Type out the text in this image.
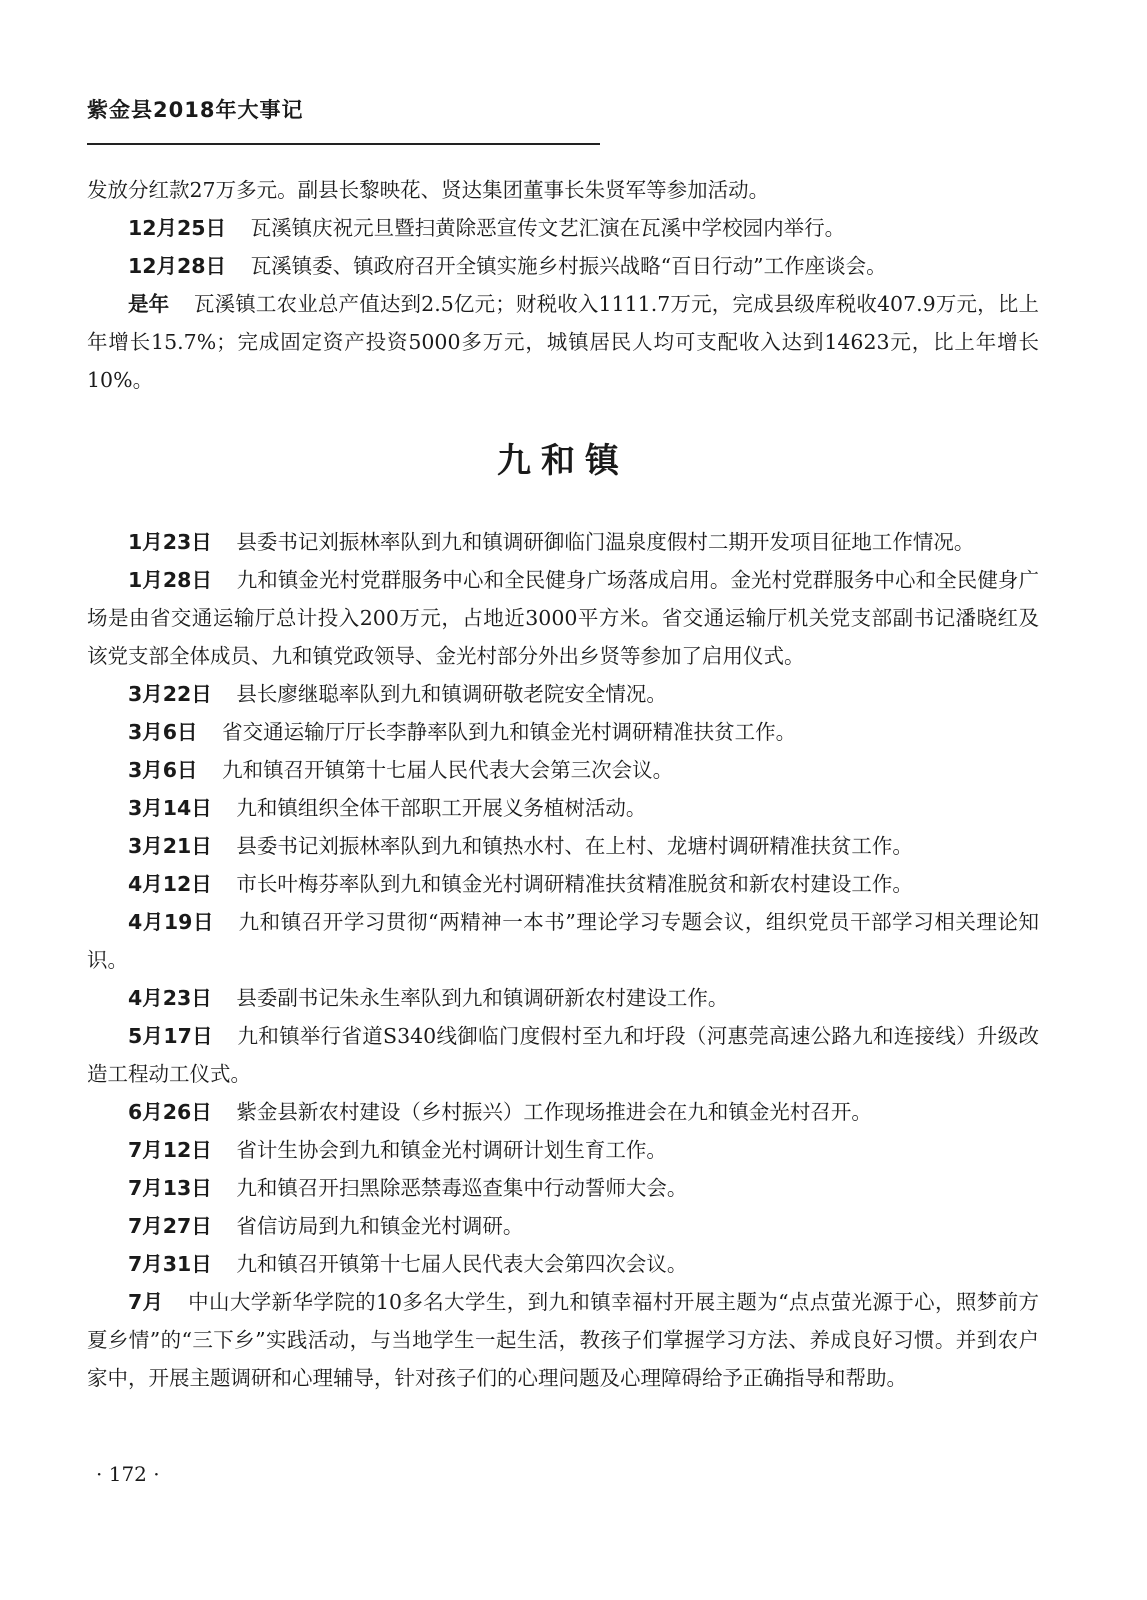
紫金县2018年大事记

发放分红款27万多元。副县长黎映花、贤达集团董事长朱贤军等参加活动。

12月25日 瓦溪镇庆祝元旦暨扫黄除恶宣传文艺汇演在瓦溪中学校园内举行。

12月28日 瓦溪镇委、镇政府召开全镇实施乡村振兴战略“百日行动”工作座谈会。

是年 瓦溪镇工农业总产值达到2.5亿元；财税收入1111.7万元，完成县级库税收407.9万元，比上年增长15.7%；完成固定资产投资5000多万元，城镇居民人均可支配收入达到14623元，比上年增长10%。

九和镇

1月23日 县委书记刘振林率队到九和镇调研御临门温泉度假村二期开发项目征地工作情况。

1月28日 九和镇金光村党群服务中心和全民健身广场落成启用。金光村党群服务中心和全民健身广场是由省交通运输厅总计投入200万元，占地近3000平方米。省交通运输厅机关党支部副书记潘晓红及该党支部全体成员、九和镇党政领导、金光村部分外出乡贤等参加了启用仪式。

3月22日 县长廖继聪率队到九和镇调研敬老院安全情况。

3月6日 省交通运输厅厅长李静率队到九和镇金光村调研精准扶贫工作。

3月6日 九和镇召开镇第十七届人民代表大会第三次会议。

3月14日 九和镇组织全体干部职工开展义务植树活动。

3月21日 县委书记刘振林率队到九和镇热水村、在上村、龙塘村调研精准扶贫工作。

4月12日 市长叶梅芬率队到九和镇金光村调研精准扶贫精准脱贫和新农村建设工作。

4月19日 九和镇召开学习贯彻“两精神一本书”理论学习专题会议，组织党员干部学习相关理论知识。

4月23日 县委副书记朱永生率队到九和镇调研新农村建设工作。

5月17日 九和镇举行省道S340线御临门度假村至九和圩段（河惠莞高速公路九和连接线）升级改造工程动工仪式。

6月26日 紫金县新农村建设（乡村振兴）工作现场推进会在九和镇金光村召开。

7月12日 省计生协会到九和镇金光村调研计划生育工作。

7月13日 九和镇召开扫黑除恶禁毒巡查集中行动誓师大会。

7月27日 省信访局到九和镇金光村调研。

7月31日 九和镇召开镇第十七届人民代表大会第四次会议。

7月 中山大学新华学院的10多名大学生，到九和镇幸福村开展主题为“点点萤光源于心，照梦前方夏乡情”的“三下乡”实践活动，与当地学生一起生活，教孩子们掌握学习方法、养成良好习惯。并到农户家中，开展主题调研和心理辅导，针对孩子们的心理问题及心理障碍给予正确指导和帮助。

· 172 ·
